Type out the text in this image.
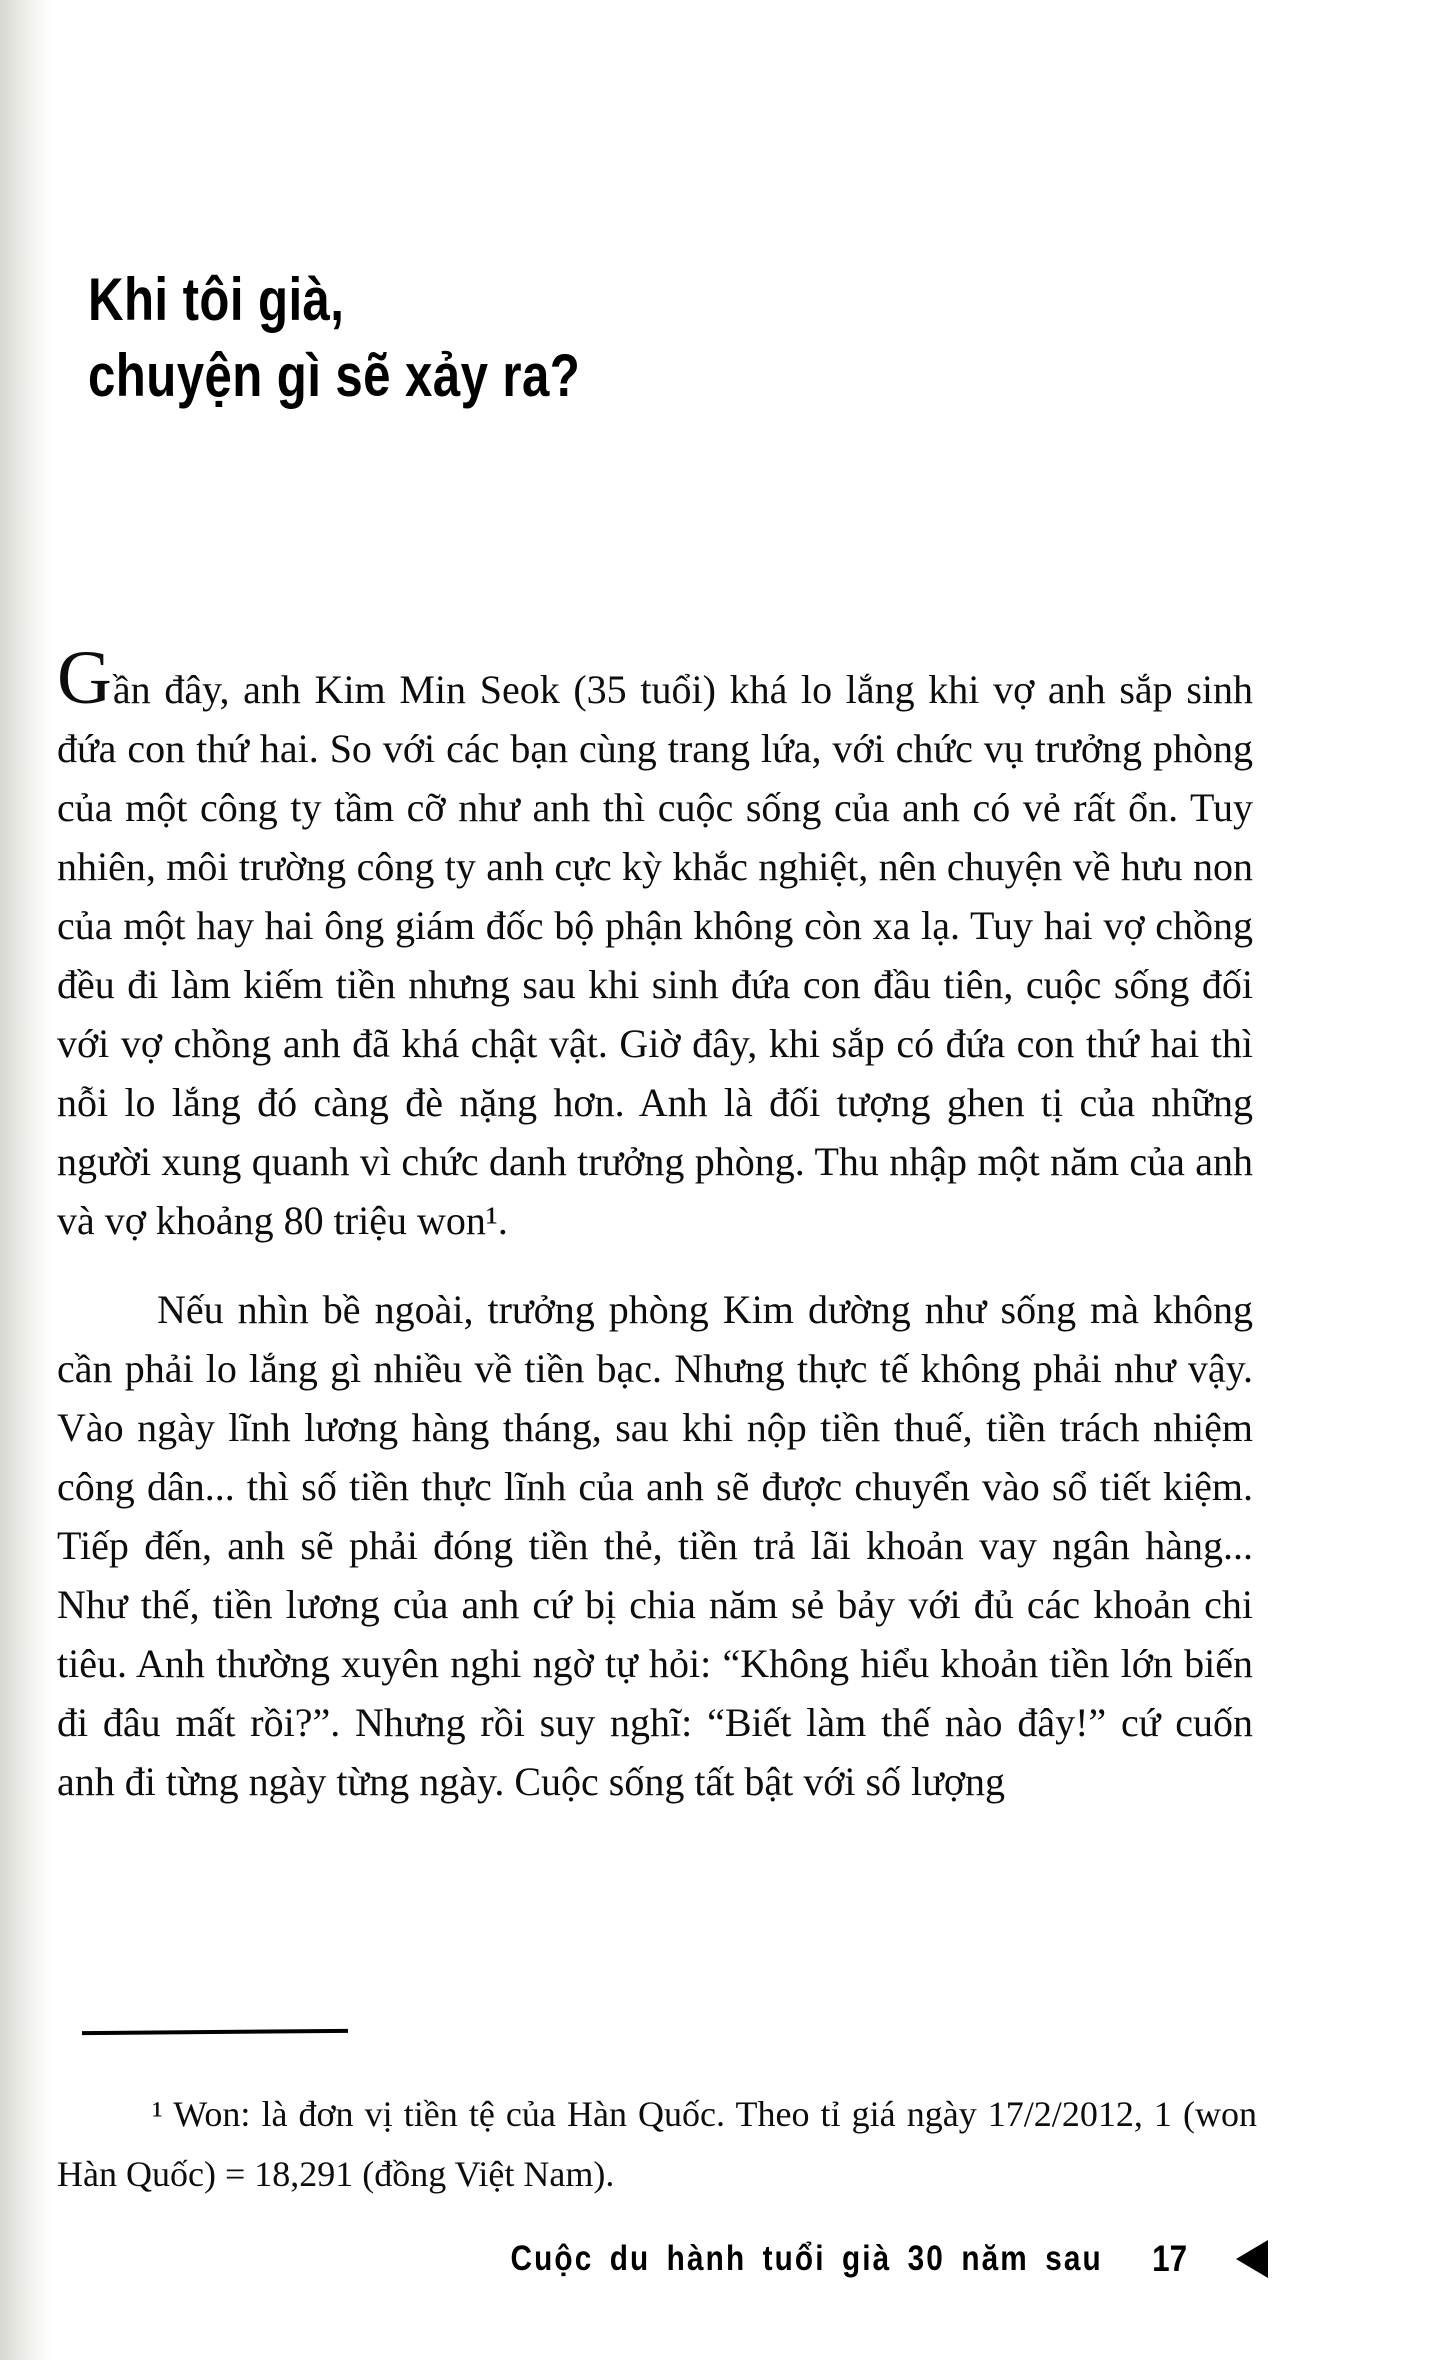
Khi tôi già,
chuyện gì sẽ xảy ra?

Gần đây, anh Kim Min Seok (35 tuổi) khá lo lắng khi vợ anh sắp sinh đứa con thứ hai. So với các bạn cùng trang lứa, với chức vụ trưởng phòng của một công ty tầm cỡ như anh thì cuộc sống của anh có vẻ rất ổn. Tuy nhiên, môi trường công ty anh cực kỳ khắc nghiệt, nên chuyện về hưu non của một hay hai ông giám đốc bộ phận không còn xa lạ. Tuy hai vợ chồng đều đi làm kiếm tiền nhưng sau khi sinh đứa con đầu tiên, cuộc sống đối với vợ chồng anh đã khá chật vật. Giờ đây, khi sắp có đứa con thứ hai thì nỗi lo lắng đó càng đè nặng hơn. Anh là đối tượng ghen tị của những người xung quanh vì chức danh trưởng phòng. Thu nhập một năm của anh và vợ khoảng 80 triệu won¹.

Nếu nhìn bề ngoài, trưởng phòng Kim dường như sống mà không cần phải lo lắng gì nhiều về tiền bạc. Nhưng thực tế không phải như vậy. Vào ngày lĩnh lương hàng tháng, sau khi nộp tiền thuế, tiền trách nhiệm công dân... thì số tiền thực lĩnh của anh sẽ được chuyển vào sổ tiết kiệm. Tiếp đến, anh sẽ phải đóng tiền thẻ, tiền trả lãi khoản vay ngân hàng... Như thế, tiền lương của anh cứ bị chia năm sẻ bảy với đủ các khoản chi tiêu. Anh thường xuyên nghi ngờ tự hỏi: “Không hiểu khoản tiền lớn biến đi đâu mất rồi?”. Nhưng rồi suy nghĩ: “Biết làm thế nào đây!” cứ cuốn anh đi từng ngày từng ngày. Cuộc sống tất bật với số lượng

¹ Won: là đơn vị tiền tệ của Hàn Quốc. Theo tỉ giá ngày 17/2/2012, 1 (won Hàn Quốc) = 18,291 (đồng Việt Nam).

Cuộc du hành tuổi già 30 năm sau 17
